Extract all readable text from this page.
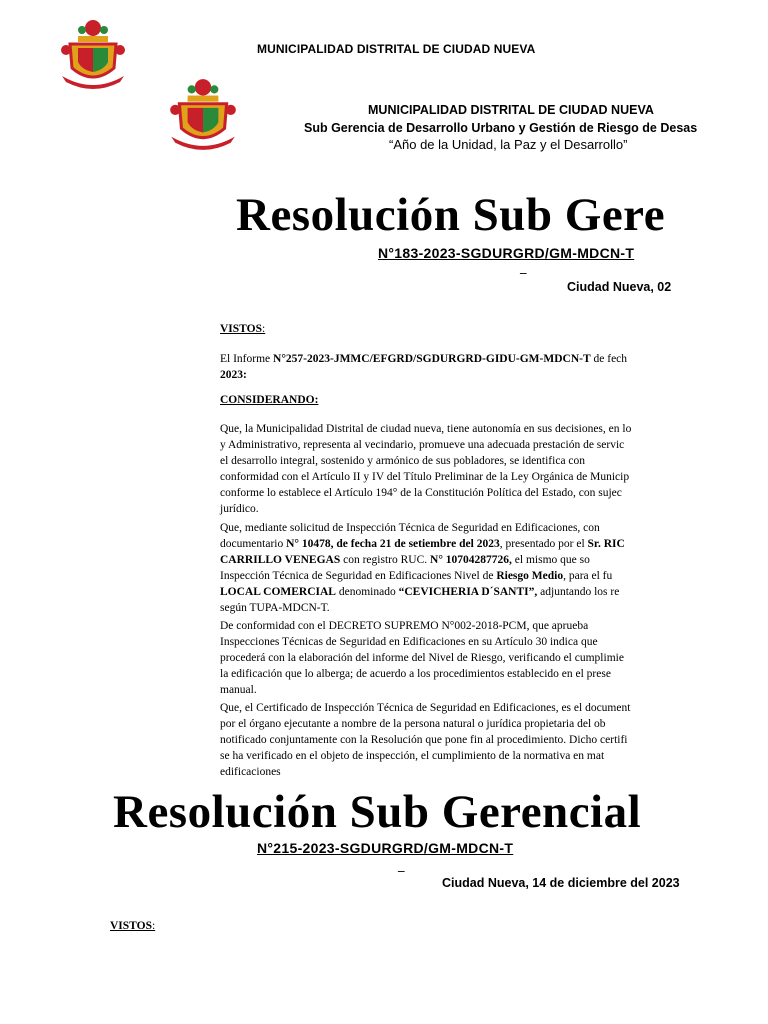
MUNICIPALIDAD DISTRITAL DE CIUDAD NUEVA
MUNICIPALIDAD DISTRITAL DE CIUDAD NUEVA
Sub Gerencia de Desarrollo Urbano y Gestión de Riesgo de Desas
“Año de la Unidad, la Paz y el Desarrollo”
Resolución Sub Gere
N°183-2023-SGDURGRD/GM-MDCN-T
_
Ciudad Nueva, 02
VISTOS:
El Informe N°257-2023-JMMC/EFGRD/SGDURGRD-GIDU-GM-MDCN-T de fech
2023:
CONSIDERANDO:
Que, la Municipalidad Distrital de ciudad nueva, tiene autonomía en sus decisiones, en lo
y Administrativo, representa al vecindario, promueve una adecuada prestación de servic
el desarrollo integral, sostenido y armónico de sus pobladores, se identifica con
conformidad con el Artículo II y IV del Título Preliminar de la Ley Orgánica de Municip
conforme lo establece el Artículo 194° de la Constitución Política del Estado, con sujec
jurídico.
Que, mediante solicitud de Inspección Técnica de Seguridad en Edificaciones, con
documentario N° 10478, de fecha 21 de setiembre del 2023, presentado por el Sr. RIC
CARRILLO VENEGAS con registro RUC. N° 10704287726, el mismo que so
Inspección Técnica de Seguridad en Edificaciones Nivel de Riesgo Medio, para el fu
LOCAL COMERCIAL denominado “CEVICHERIA D´SANTI”, adjuntando los re
según TUPA-MDCN-T.
De conformidad con el DECRETO SUPREMO N°002-2018-PCM, que aprueba
Inspecciones Técnicas de Seguridad en Edificaciones en su Artículo 30 indica que
procederá con la elaboración del informe del Nivel de Riesgo, verificando el cumplimie
la edificación que lo alberga; de acuerdo a los procedimientos establecido en el prese
manual.
Que, el Certificado de Inspección Técnica de Seguridad en Edificaciones, es el document
por el órgano ejecutante a nombre de la persona natural o jurídica propietaria del ob
notificado conjuntamente con la Resolución que pone fin al procedimiento. Dicho certifi
se ha verificado en el objeto de inspección, el cumplimiento de la normativa en mat
edificaciones
Resolución Sub Gerencial
N°215-2023-SGDURGRD/GM-MDCN-T
_
Ciudad Nueva, 14 de diciembre del 2023
VISTOS:
